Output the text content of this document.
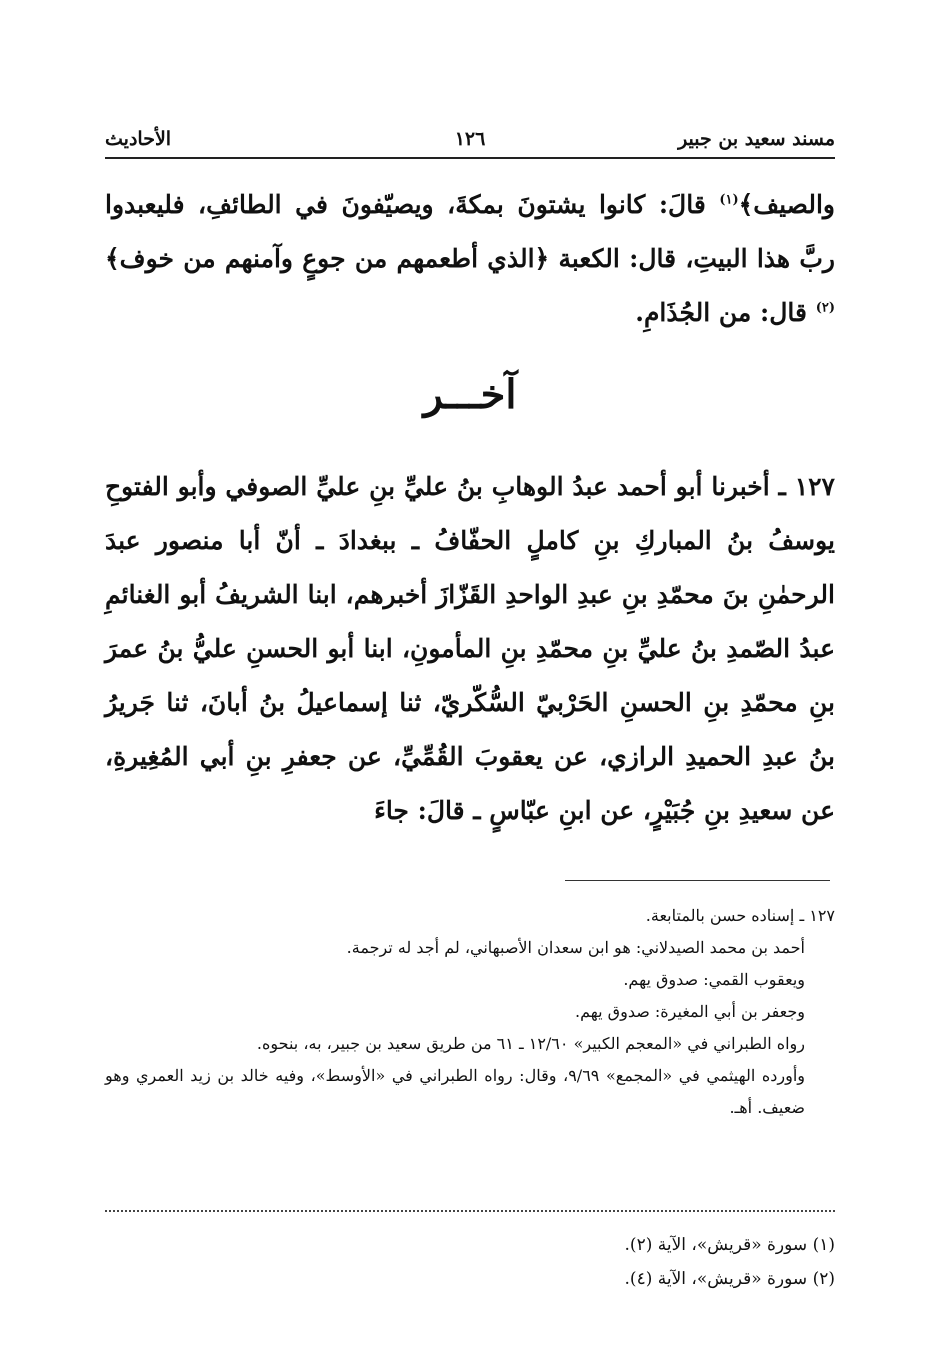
مسند سعيد بن جبير
١٢٦
الأحاديث
والصيف﴾$^{(١)}$ قالَ: كانوا يشتونَ بمكةَ، ويصيّفونَ في الطائفِ، فليعبدوا ربَّ هذا البيتِ، قال: الكعبة ﴿الذي أطعمهم من جوعٍ وآمنهم من خوف﴾$^{(٢)}$ قال: من الجُذَامِ.
آخـــر
١٢٧ ـ أخبرنا أبو أحمد عبدُ الوهابِ بنُ عليِّ بنِ عليِّ الصوفي وأبو الفتوحِ يوسفُ بنُ المباركِ بنِ كاملٍ الحفّافُ ـ ببغدادَ ـ أنّ أبا منصور عبدَ الرحمٰنِ بنَ محمّدِ بنِ عبدِ الواحدِ القَزّازَ أخبرهم، ابنا الشريفُ أبو الغنائمِ عبدُ الصّمدِ بنُ عليِّ بنِ محمّدِ بنِ المأمونِ، ابنا أبو الحسنِ عليُّ بنُ عمرَ بنِ محمّدِ بنِ الحسنِ الحَرْبيّ السُّكّريّ، ثنا إسماعيلُ بنُ أبانَ، ثنا جَريرُ بنُ عبدِ الحميدِ الرازي، عن يعقوبَ القُمِّيِّ، عن جعفرِ بنِ أبي المُغِيرةِ، عن سعيدِ بنِ جُبَيْرٍ، عن ابنِ عبّاسٍ ـ قالَ: جاءَ

١٢٧ ـ إسناده حسن بالمتابعة.

أحمد بن محمد الصيدلاني: هو ابن سعدان الأصبهاني، لم أجد له ترجمة.

ويعقوب القمي: صدوق يهم.

وجعفر بن أبي المغيرة: صدوق يهم.

رواه الطبراني في «المعجم الكبير» ١٢/٦٠ ـ ٦١ من طريق سعيد بن جبير، به، بنحوه.

وأورده الهيثمي في «المجمع» ٩/٦٩، وقال: رواه الطبراني في «الأوسط»، وفيه خالد بن زيد العمري وهو ضعيف. أهـ.

(١) سورة «قريش»، الآية (٢).

(٢) سورة «قريش»، الآية (٤).
